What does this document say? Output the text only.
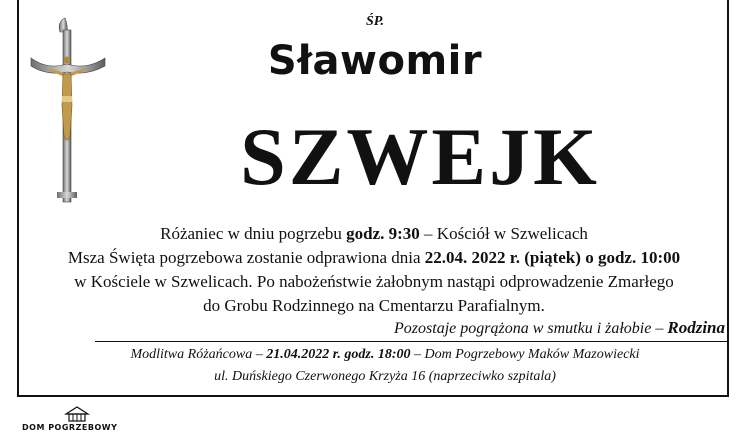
ŚP.
Sławomir
SZWEJK
Różaniec w dniu pogrzebu godz. 9:30 – Kościół w Szwelicach
Msza Święta pogrzebowa zostanie odprawiona dnia 22.04. 2022 r. (piątek) o godz. 10:00
w Kościele w Szwelicach. Po nabożeństwie żałobnym nastąpi odprowadzenie Zmarłego
do Grobu Rodzinnego na Cmentarzu Parafialnym.
Pozostaje pogrążona w smutku i żałobie – Rodzina
Modlitwa Różańcowa – 21.04.2022 r. godz. 18:00 – Dom Pogrzebowy Maków Mazowiecki
ul. Duńskiego Czerwonego Krzyża 16 (naprzeciwko szpitala)
DOM POGRZEBOWY
